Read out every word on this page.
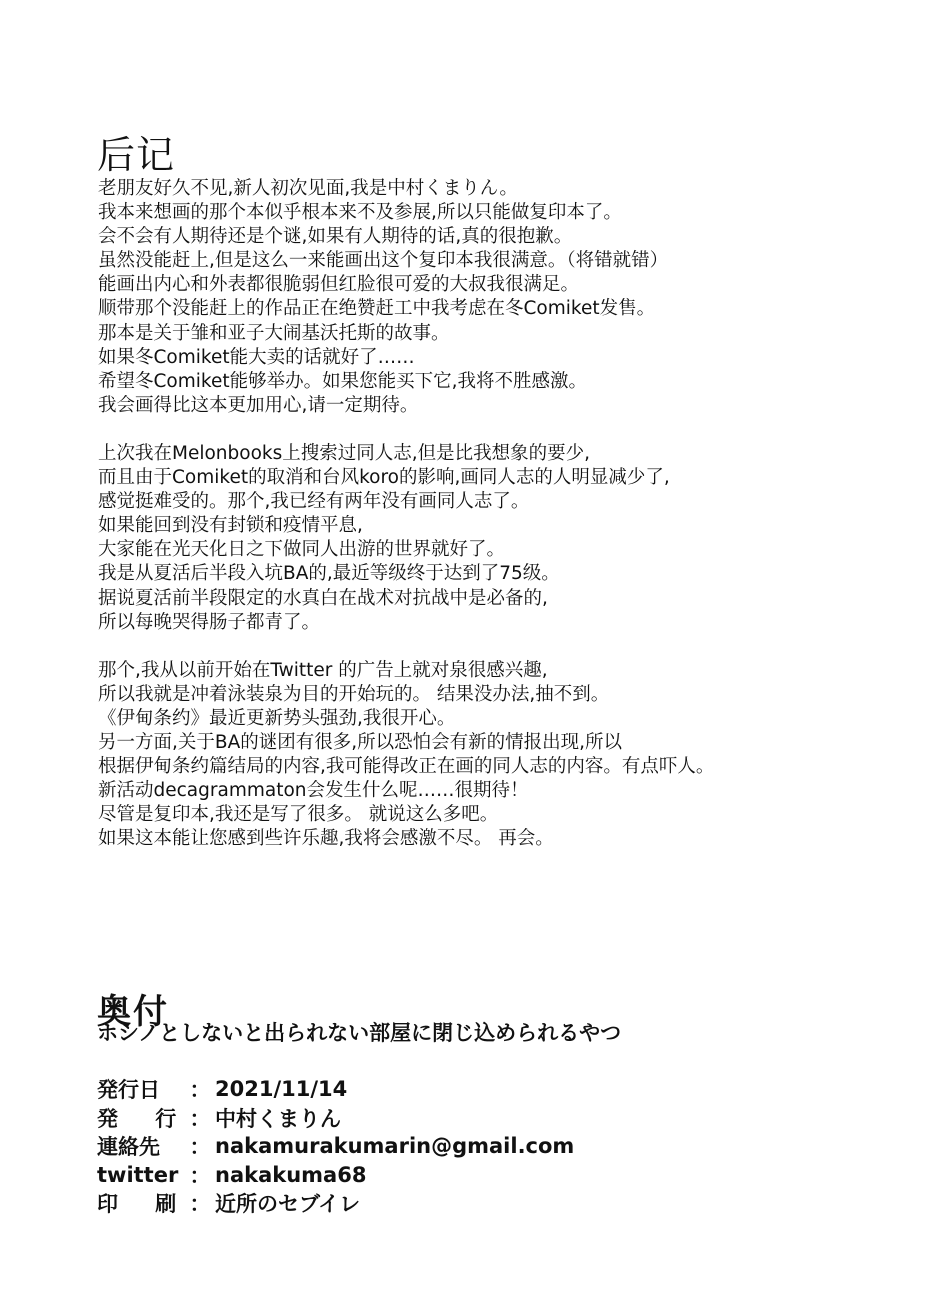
后记
老朋友好久不见,新人初次见面,我是中村くまりん。
我本来想画的那个本似乎根本来不及参展,所以只能做复印本了。
会不会有人期待还是个谜,如果有人期待的话,真的很抱歉。
虽然没能赶上,但是这么一来能画出这个复印本我很满意。（将错就错）
能画出内心和外表都很脆弱但红脸很可爱的大叔我很满足。
顺带那个没能赶上的作品正在绝赞赶工中我考虑在冬Comiket发售。
那本是关于雏和亚子大闹基沃托斯的故事。
如果冬Comiket能大卖的话就好了……
希望冬Comiket能够举办。如果您能买下它,我将不胜感激。
我会画得比这本更加用心,请一定期待。
上次我在Melonbooks上搜索过同人志,但是比我想象的要少,
而且由于Comiket的取消和台风koro的影响,画同人志的人明显减少了,
感觉挺难受的。那个,我已经有两年没有画同人志了。
如果能回到没有封锁和疫情平息,
大家能在光天化日之下做同人出游的世界就好了。
我是从夏活后半段入坑BA的,最近等级终于达到了75级。
据说夏活前半段限定的水真白在战术对抗战中是必备的,
所以每晚哭得肠子都青了。
那个,我从以前开始在Twitter 的广告上就对泉很感兴趣,
所以我就是冲着泳装泉为目的开始玩的。 结果没办法,抽不到。
《伊甸条约》最近更新势头强劲,我很开心。
另一方面,关于BA的谜团有很多,所以恐怕会有新的情报出现,所以
根据伊甸条约篇结局的内容,我可能得改正在画的同人志的内容。有点吓人。
新活动decagrammaton会发生什么呢……很期待！
尽管是复印本,我还是写了很多。 就说这么多吧。
如果这本能让您感到些许乐趣,我将会感激不尽。 再会。
奥付
ホシノとしないと出られない部屋に閉じ込められるやつ
発行日	： 2021/11/14
発 行 ： 中村くまりん
連絡先	： nakamurakumarin@gmail.com
twitter ： nakakuma68
印 刷 ： 近所のセブイレ
